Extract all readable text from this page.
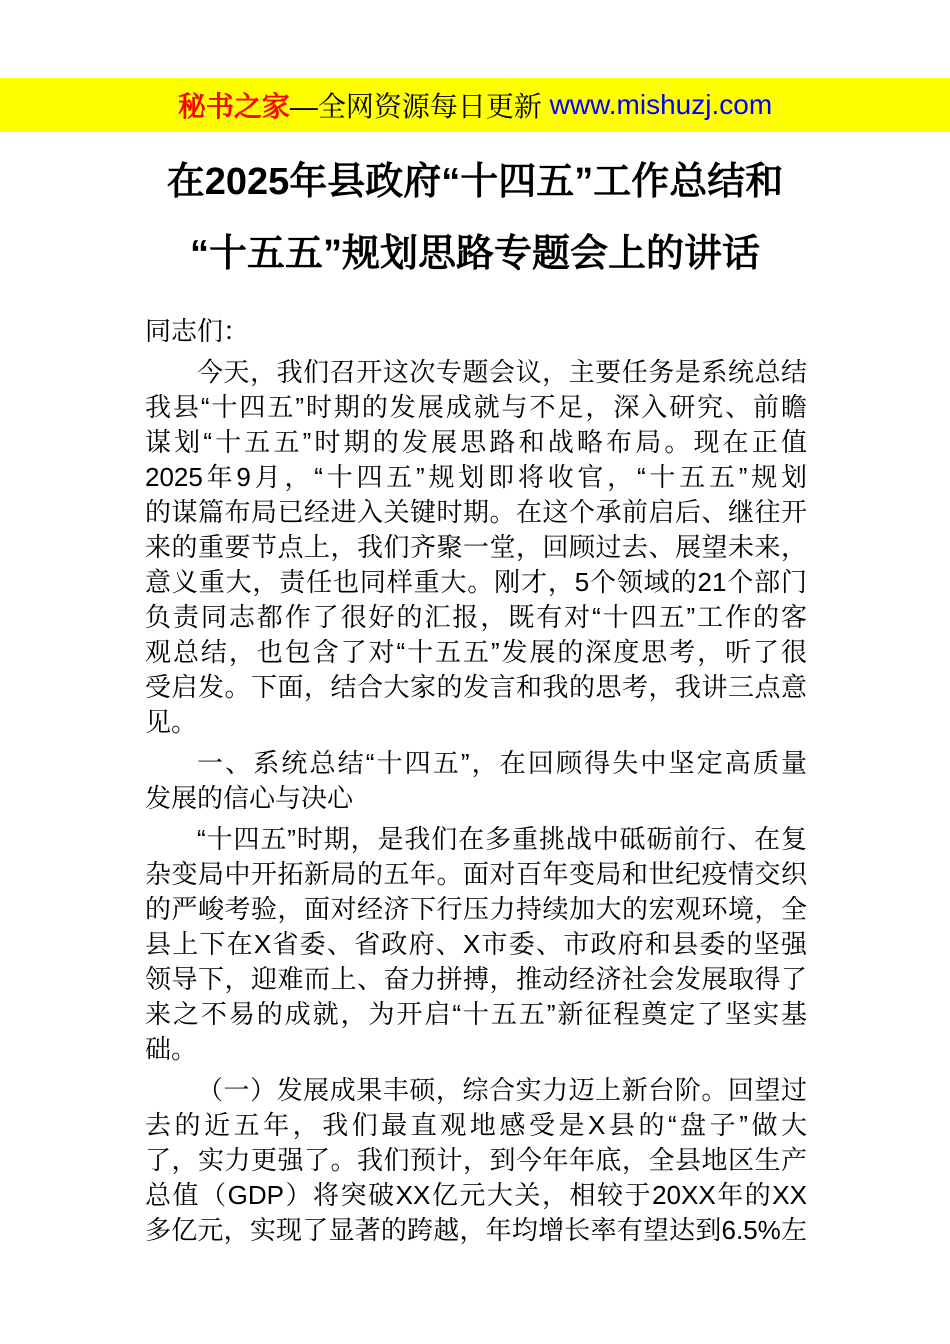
秘书之家 —全网资源每日更新 www.mishuzj.com
在2025年县政府“十四五”工作总结和
“十五五”规划思路专题会上的讲话
同志们：
今天，我们召开这次专题会议，主要任务是系统总结
我县“十四五”时期的发展成就与不足，深入研究、前瞻
谋划“十五五”时期的发展思路和战略布局。现在正值
2025年9月，“十四五”规划即将收官，“十五五”规划
的谋篇布局已经进入关键时期。在这个承前启后、继往开
来的重要节点上，我们齐聚一堂，回顾过去、展望未来，
意义重大，责任也同样重大。刚才，5个领域的21个部门
负责同志都作了很好的汇报，既有对“十四五”工作的客
观总结，也包含了对“十五五”发展的深度思考，听了很
受启发。下面，结合大家的发言和我的思考，我讲三点意
见。
一、系统总结“十四五”，在回顾得失中坚定高质量
发展的信心与决心
“十四五”时期，是我们在多重挑战中砥砺前行、在复
杂变局中开拓新局的五年。面对百年变局和世纪疫情交织
的严峻考验，面对经济下行压力持续加大的宏观环境，全
县上下在X省委、省政府、X市委、市政府和县委的坚强
领导下，迎难而上、奋力拼搏，推动经济社会发展取得了
来之不易的成就，为开启“十五五”新征程奠定了坚实基
础。
（一）发展成果丰硕，综合实力迈上新台阶。回望过
去的近五年，我们最直观地感受是X县的“盘子”做大
了，实力更强了。我们预计，到今年年底，全县地区生产
总值（GDP）将突破XX亿元大关，相较于20XX年的XX
多亿元，实现了显著的跨越，年均增长率有望达到6.5%左
